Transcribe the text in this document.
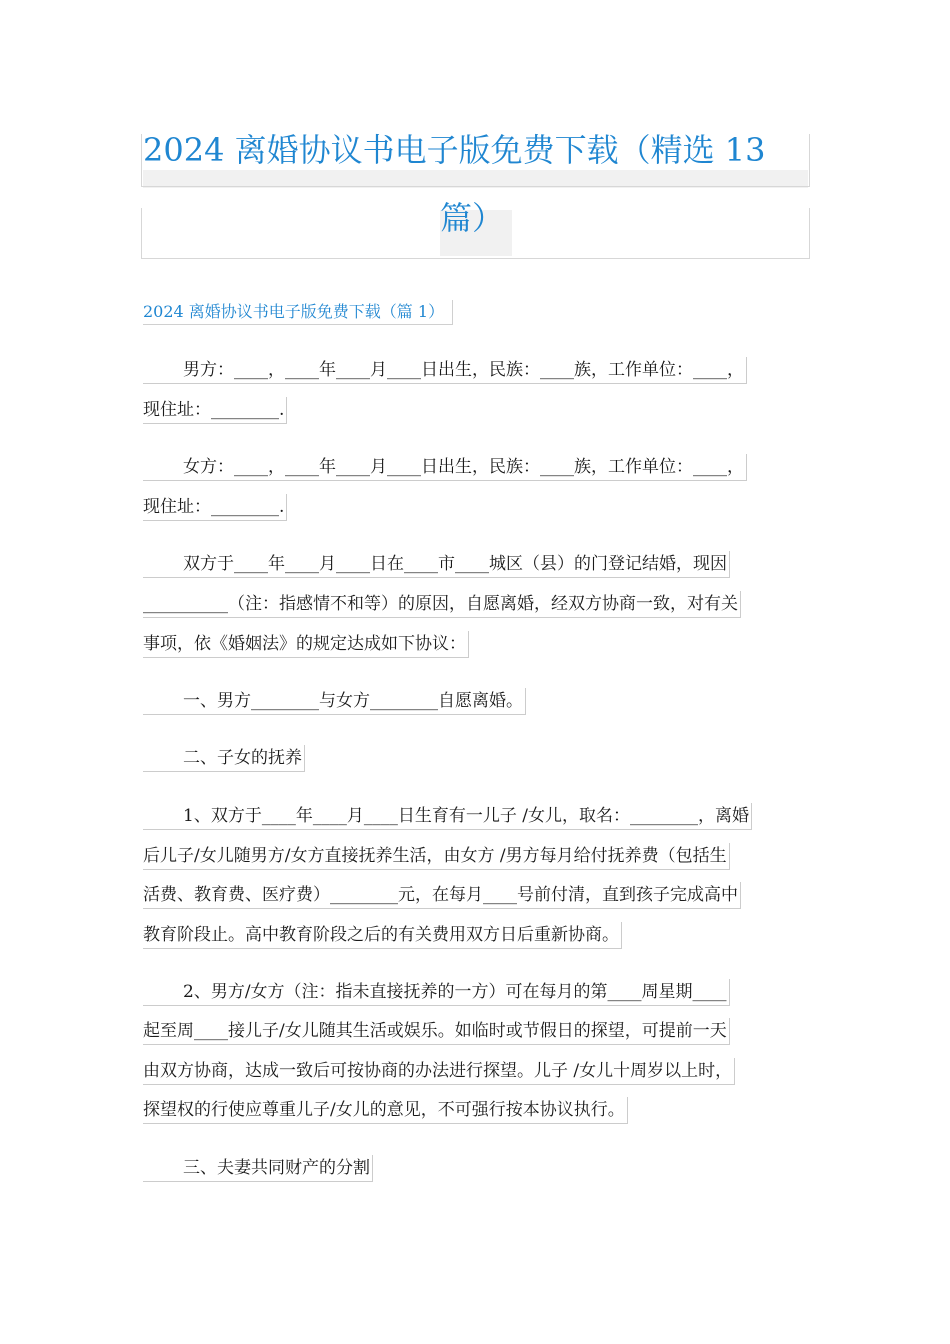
2024 离婚协议书电子版免费下载（精选 13
篇）
2024 离婚协议书电子版免费下载（篇 1）
男方：____，____年____月____日出生，民族：____族，工作单位：____，
现住址：________.
女方：____，____年____月____日出生，民族：____族，工作单位：____，
现住址：________.
双方于____年____月____日在____市____城区（县）的门登记结婚，现因
__________（注：指感情不和等）的原因，自愿离婚，经双方协商一致，对有关
事项，依《婚姻法》的规定达成如下协议：
一、男方________与女方________自愿离婚。
二、子女的抚养
1、双方于____年____月____日生育有一儿子 /女儿，取名：________，离婚
后儿子/女儿随男方/女方直接抚养生活，由女方 /男方每月给付抚养费（包括生
活费、教育费、医疗费）________元，在每月____号前付清，直到孩子完成高中
教育阶段止。高中教育阶段之后的有关费用双方日后重新协商。
2、男方/女方（注：指未直接抚养的一方）可在每月的第____周星期____
起至周____接儿子/女儿随其生活或娱乐。如临时或节假日的探望，可提前一天
由双方协商，达成一致后可按协商的办法进行探望。儿子 /女儿十周岁以上时，
探望权的行使应尊重儿子/女儿的意见，不可强行按本协议执行。
三、夫妻共同财产的分割
